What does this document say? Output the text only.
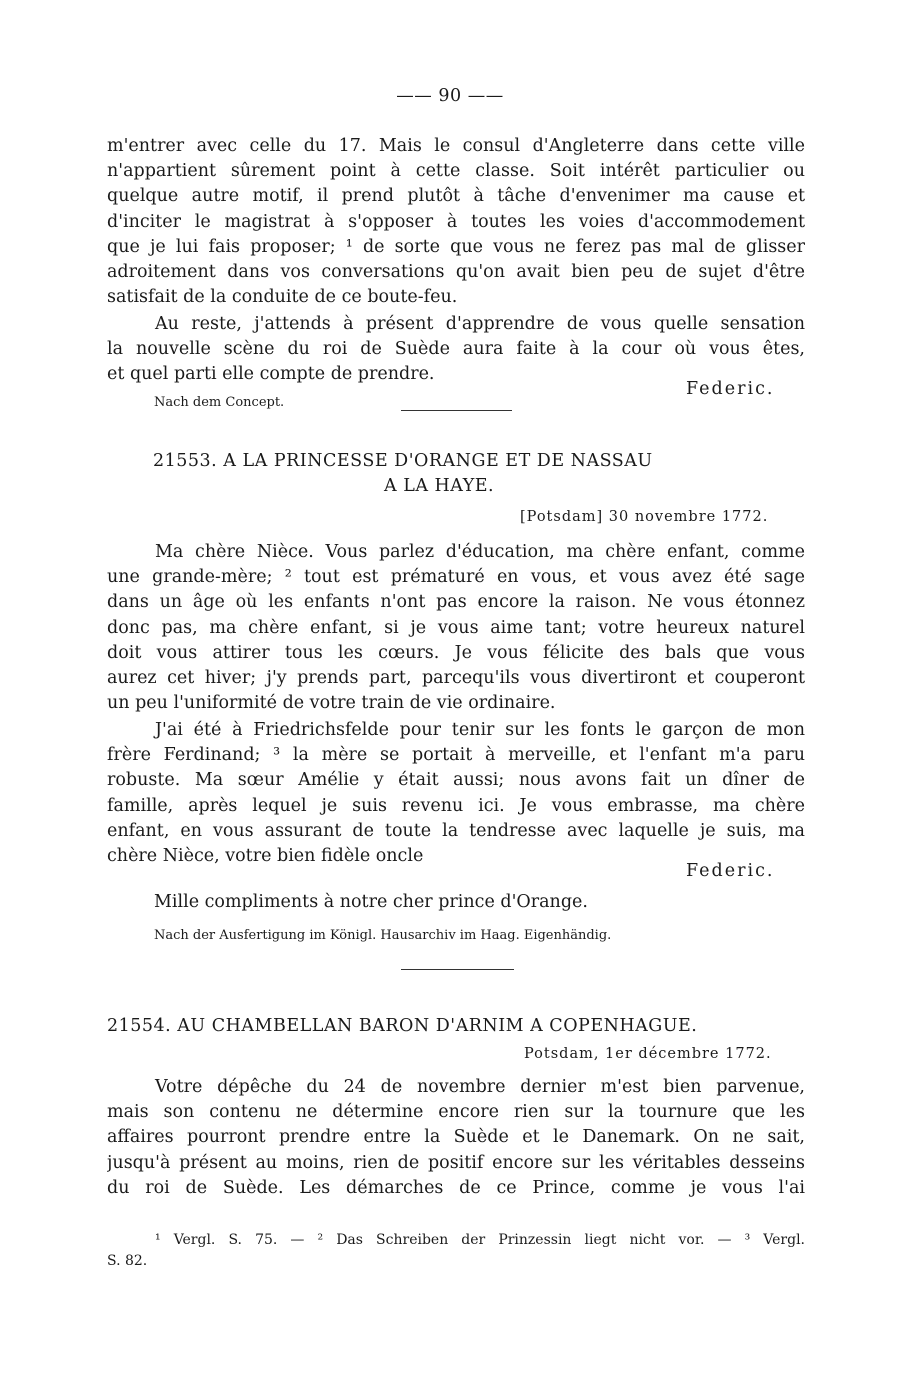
—— 90 ——
m'entrer avec celle du 17. Mais le consul d'Angleterre dans cette ville
n'appartient sûrement point à cette classe. Soit intérêt particulier ou
quelque autre motif, il prend plutôt à tâche d'envenimer ma cause et
d'inciter le magistrat à s'opposer à toutes les voies d'accommodement
que je lui fais proposer; ¹ de sorte que vous ne ferez pas mal de glisser
adroitement dans vos conversations qu'on avait bien peu de sujet d'être
satisfait de la conduite de ce boute-feu.
Au reste, j'attends à présent d'apprendre de vous quelle sensation
la nouvelle scène du roi de Suède aura faite à la cour où vous êtes,
et quel parti elle compte de prendre.
Federic.
Nach dem Concept.
21553. A LA PRINCESSE D'ORANGE ET DE NASSAU
A LA HAYE.
[Potsdam] 30 novembre 1772.
Ma chère Nièce. Vous parlez d'éducation, ma chère enfant, comme
une grande-mère; ² tout est prématuré en vous, et vous avez été sage
dans un âge où les enfants n'ont pas encore la raison. Ne vous étonnez
donc pas, ma chère enfant, si je vous aime tant; votre heureux naturel
doit vous attirer tous les cœurs. Je vous félicite des bals que vous
aurez cet hiver; j'y prends part, parcequ'ils vous divertiront et couperont
un peu l'uniformité de votre train de vie ordinaire.
J'ai été à Friedrichsfelde pour tenir sur les fonts le garçon de mon
frère Ferdinand; ³ la mère se portait à merveille, et l'enfant m'a paru
robuste. Ma sœur Amélie y était aussi; nous avons fait un dîner de
famille, après lequel je suis revenu ici. Je vous embrasse, ma chère
enfant, en vous assurant de toute la tendresse avec laquelle je suis, ma
chère Nièce, votre bien fidèle oncle
Federic.
Mille compliments à notre cher prince d'Orange.
Nach der Ausfertigung im Königl. Hausarchiv im Haag. Eigenhändig.
21554. AU CHAMBELLAN BARON D'ARNIM A COPENHAGUE.
Potsdam, 1er décembre 1772.
Votre dépêche du 24 de novembre dernier m'est bien parvenue,
mais son contenu ne détermine encore rien sur la tournure que les
affaires pourront prendre entre la Suède et le Danemark. On ne sait,
jusqu'à présent au moins, rien de positif encore sur les véritables desseins
du roi de Suède. Les démarches de ce Prince, comme je vous l'ai
¹ Vergl. S. 75. — ² Das Schreiben der Prinzessin liegt nicht vor. — ³ Vergl.
S. 82.
